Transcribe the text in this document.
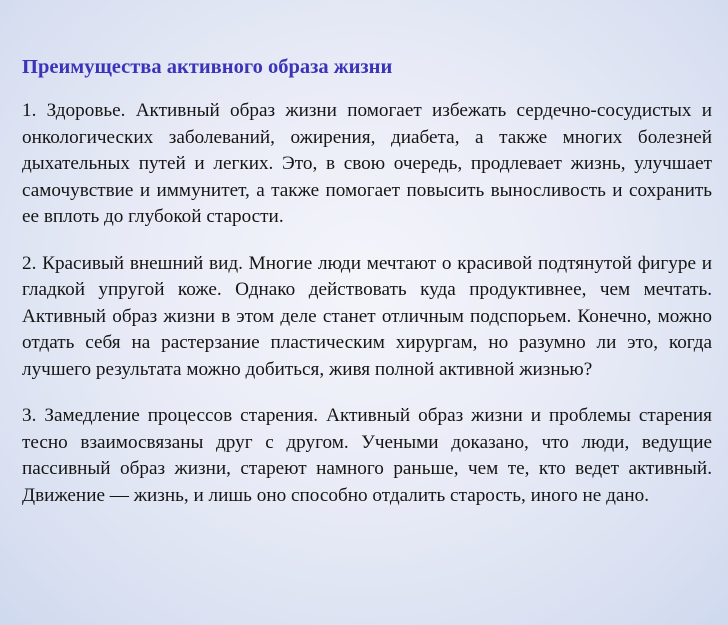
Преимущества активного образа жизни

1. Здоровье. Активный образ жизни помогает избежать сердечно-сосудистых и онкологических заболеваний, ожирения, диабета, а также многих болезней дыхательных путей и легких. Это, в свою очередь, продлевает жизнь, улучшает самочувствие и иммунитет, а также помогает повысить выносливость и сохранить ее вплоть до глубокой старости.

2. Красивый внешний вид. Многие люди мечтают о красивой подтянутой фигуре и гладкой упругой коже. Однако действовать куда продуктивнее, чем мечтать. Активный образ жизни в этом деле станет отличным подспорьем. Конечно, можно отдать себя на растерзание пластическим хирургам, но разумно ли это, когда лучшего результата можно добиться, живя полной активной жизнью?

3. Замедление процессов старения. Активный образ жизни и проблемы старения тесно взаимосвязаны друг с другом. Учеными доказано, что люди, ведущие пассивный образ жизни, стареют намного раньше, чем те, кто ведет активный. Движение — жизнь, и лишь оно способно отдалить старость, иного не дано.
